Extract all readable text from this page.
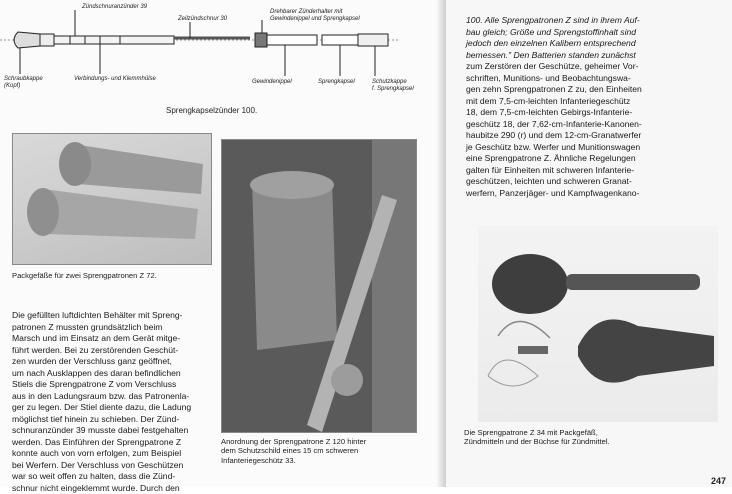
Zündschnuranzünder 39
Zeilzündschnur 30
Drehbarer Zünderhalter mit
Gewindenippel und Sprengkapsel
Schraubkappe
(Kopf)
Verbindungs- und Klemmhülse	Gewindenippel	Sprengkapsel	Schutzkappe
f. Sprengkapsel
Sprengkapselzünder 100.
Packgefäße für zwei Sprengpatronen Z 72.
Anordnung der Sprengpatrone Z 120 hinter
dem Schutzschild eines 15 cm schweren
Infanteriegeschütz 33.
Die gefüllten luftdichten Behälter mit Spreng-
patronen Z mussten grundsätzlich beim
Marsch und im Einsatz an dem Gerät mitge-
führt werden. Bei zu zerstörenden Geschüt-
zen wurden der Verschluss ganz geöffnet,
um nach Ausklappen des daran befindlichen
Stiels die Sprengpatrone Z vom Verschluss
aus in den Ladungsraum bzw. das Patronenla-
ger zu legen. Der Stiel diente dazu, die Ladung
möglichst tief hinein zu schieben. Der Zünd-
schnuranzünder 39 musste dabei festgehalten
werden. Das Einführen der Sprengpatrone Z
konnte auch von vorn erfolgen, zum Beispiel
bei Werfern. Der Verschluss von Geschützen
war so weit offen zu halten, dass die Zünd-
schnur nicht eingeklemmt wurde. Durch den
100. Alle Sprengpatronen Z sind in ihrem Auf-
bau gleich; Größe und Sprengstoffinhalt sind
jedoch den einzelnen Kalibern entsprechend
bemessen." Den Batterien standen zunächst
zum Zerstören der Geschütze, geheimer Vor-
schriften, Munitions- und Beobachtungswa-
gen zehn Sprengpatronen Z zu, den Einheiten
mit dem 7,5-cm-leichten Infanteriegeschütz
18, dem 7,5-cm-leichten Gebirgs-Infanterie-
geschütz 18, der 7,62-cm-Infanterie-Kanonen-
haubitze 290 (r) und dem 12-cm-Granatwerfer
je Geschütz bzw. Werfer und Munitionswagen
eine Sprengpatrone Z. Ähnliche Regelungen
galten für Einheiten mit schweren Infanterie-
geschützen, leichten und schweren Granat-
werfern, Panzerjäger- und Kampfwagenkano-
Die Sprengpatrone Z 34 mit Packgefäß,
Zündmitteln und der Büchse für Zündmittel.
247
